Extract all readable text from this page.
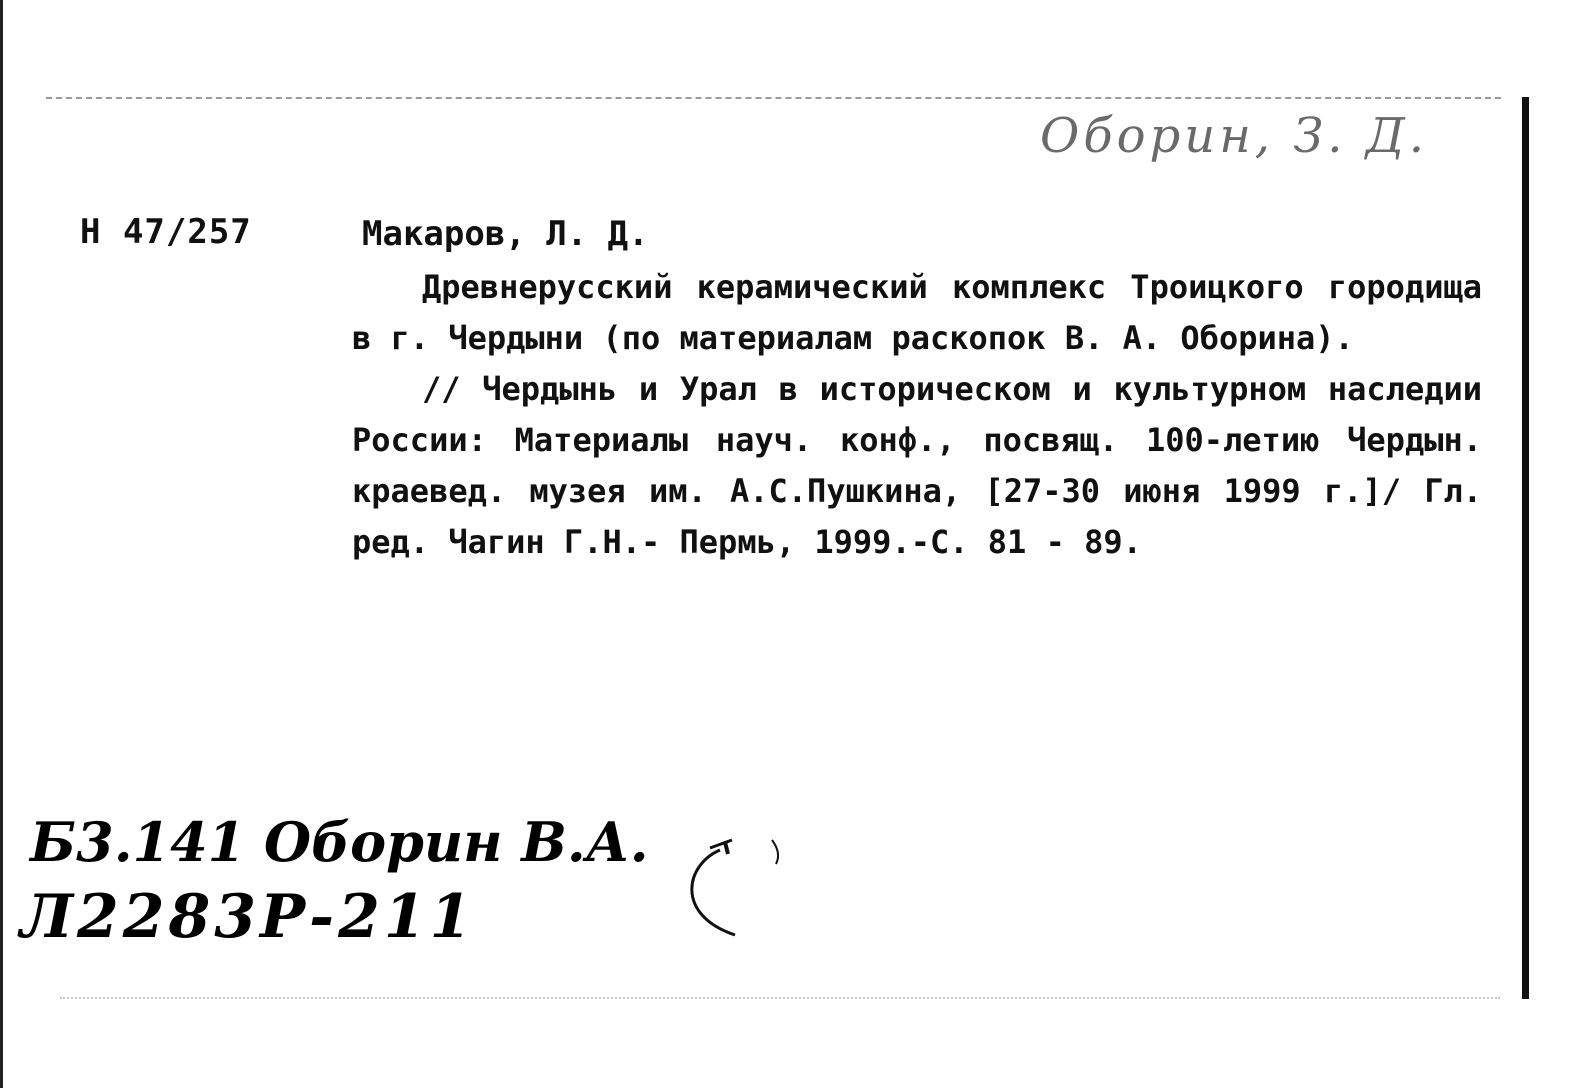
Оборин, З. Д.
Н 47/257	Макаров, Л. Д.

Древнерусский керамический комплекс Троицкого городища в г. Чердыни (по материалам раскопок В. А. Оборина).

// Чердынь и Урал в историческом и культурном наследии России: Материалы науч. конф., посвящ. 100-летию Чердын. краевед. музея им. А.С.Пушкина, [27-30 июня 1999 г.]/ Гл. ред. Чагин Г.Н.- Пермь, 1999.-С. 81 - 89.

Б3.141 Оборин В.А.
Л2283Р-211
